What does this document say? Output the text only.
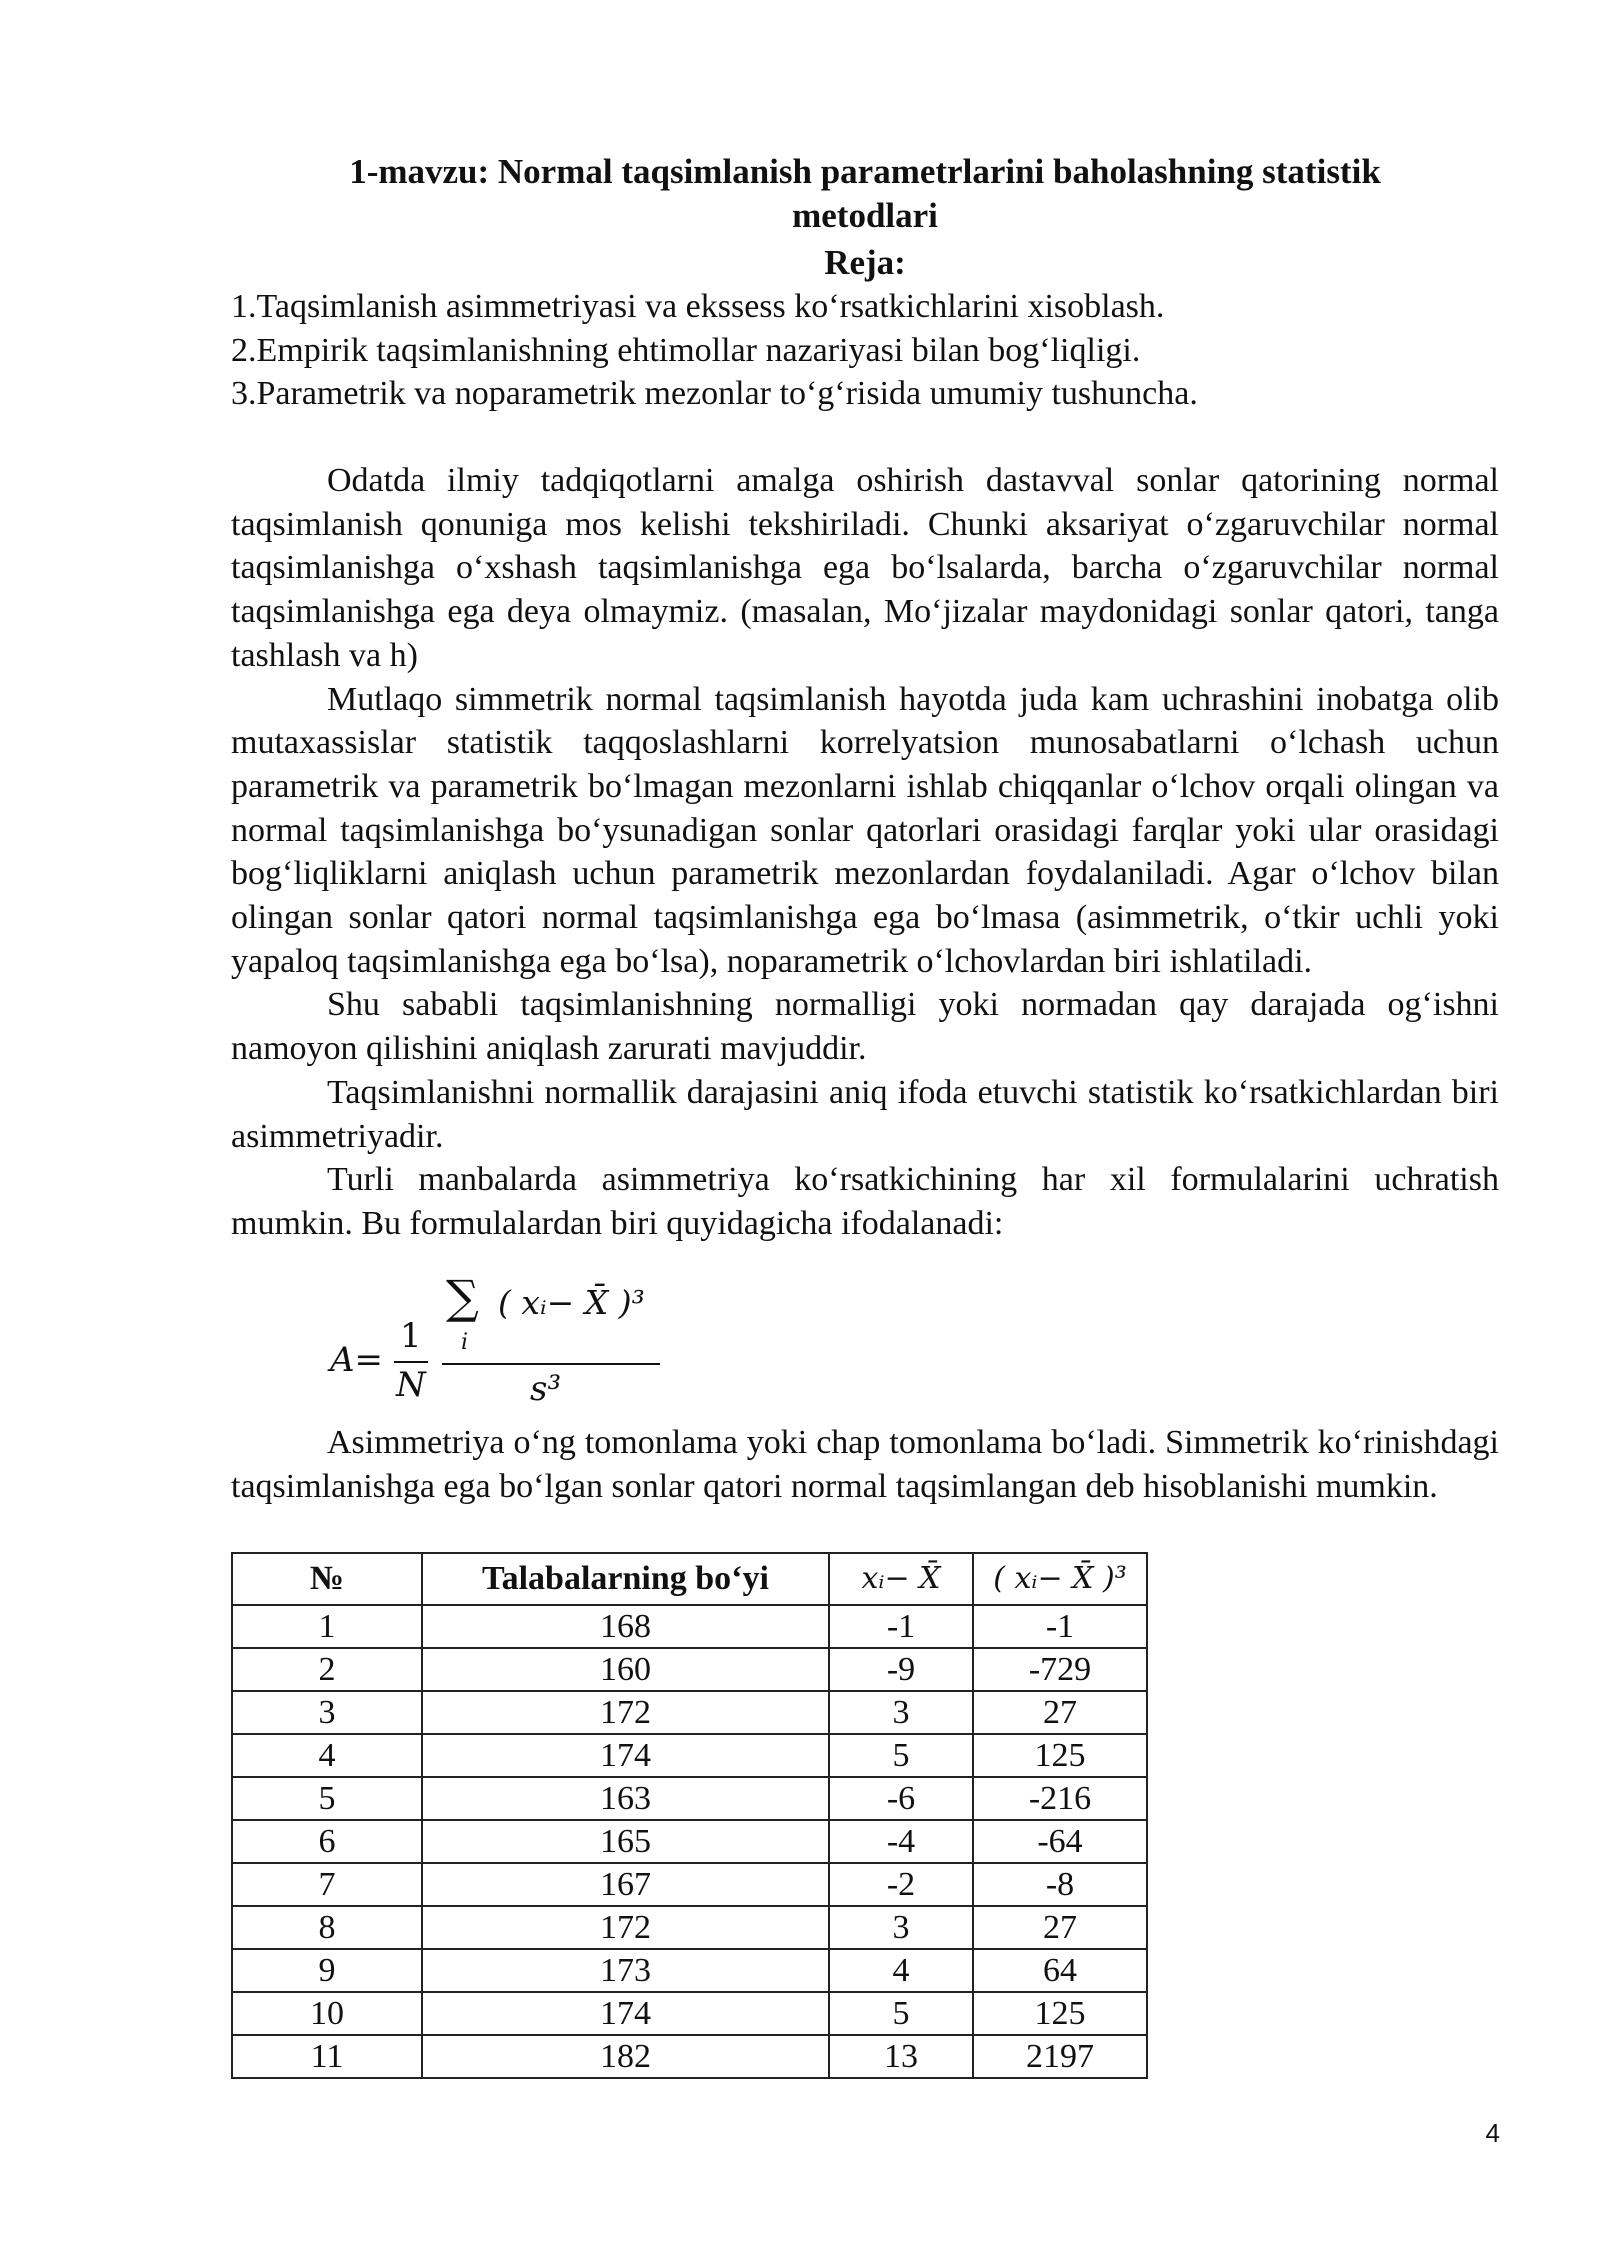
1-mavzu: Normal taqsimlanish parametrlarini baholashning statistik
metodlari
Reja:
1.Taqsimlanish asimmetriyasi va ekssess koʻrsatkichlarini xisoblash.
2.Empirik taqsimlanishning ehtimollar nazariyasi bilan bogʻliqligi.
3.Parametrik va noparametrik mezonlar toʻgʻrisida umumiy tushuncha.

Odatda ilmiy tadqiqotlarni amalga oshirish dastavval sonlar qatorining normal taqsimlanish qonuniga mos kelishi tekshiriladi. Chunki aksariyat oʻzgaruvchilar normal taqsimlanishga oʻxshash taqsimlanishga ega boʻlsalarda, barcha oʻzgaruvchilar normal taqsimlanishga ega deya olmaymiz. (masalan, Moʻjizalar maydonidagi sonlar qatori, tanga tashlash va h)

Mutlaqo simmetrik normal taqsimlanish hayotda juda kam uchrashini inobatga olib mutaxassislar statistik taqqoslashlarni korrelyatsion munosabatlarni oʻlchash uchun parametrik va parametrik boʻlmagan mezonlarni ishlab chiqqanlar oʻlchov orqali olingan va normal taqsimlanishga boʻysunadigan sonlar qatorlari orasidagi farqlar yoki ular orasidagi bogʻliqliklarni aniqlash uchun parametrik mezonlardan foydalaniladi. Agar oʻlchov bilan olingan sonlar qatori normal taqsimlanishga ega boʻlmasa (asimmetrik, oʻtkir uchli yoki yapaloq taqsimlanishga ega boʻlsa), noparametrik oʻlchovlardan biri ishlatiladi.

Shu sababli taqsimlanishning normalligi yoki normadan qay darajada ogʻishni namoyon qilishini aniqlash zarurati mavjuddir.

Taqsimlanishni normallik darajasini aniq ifoda etuvchi statistik koʻrsatkichlardan biri asimmetriyadir.

Turli manbalarda asimmetriya koʻrsatkichining har xil formulalarini uchratish mumkin. Bu formulalardan biri quyidagicha ifodalanadi:

A=
1
N
∑
i
( xᵢ− X̄ )³
s³

Asimmetriya oʻng tomonlama yoki chap tomonlama boʻladi. Simmetrik koʻrinishdagi taqsimlanishga ega boʻlgan sonlar qatori normal taqsimlangan deb hisoblanishi mumkin.

№	Talabalarning boʻyi	xᵢ− X̄	( xᵢ− X̄ )³
1	168	-1	-1
2	160	-9	-729
3	172	3	27
4	174	5	125
5	163	-6	-216
6	165	-4	-64
7	167	-2	-8
8	172	3	27
9	173	4	64
10	174	5	125
11	182	13	2197
4
